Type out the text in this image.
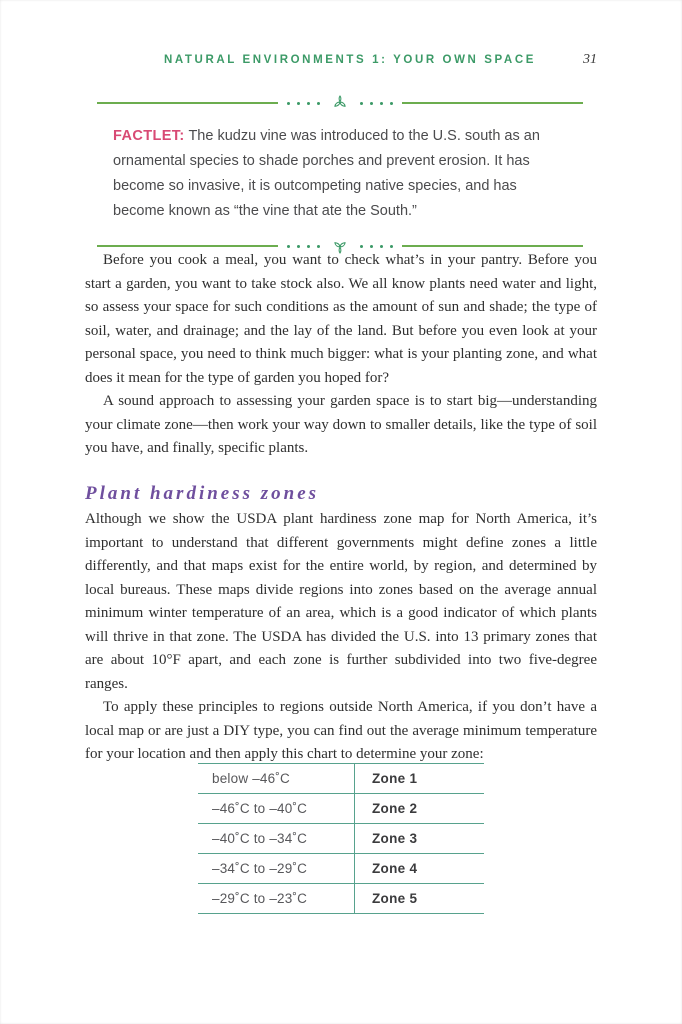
NATURAL ENVIRONMENTS 1: YOUR OWN SPACE	31

FACTLET: The kudzu vine was introduced to the U.S. south as an ornamental species to shade porches and prevent erosion. It has become so invasive, it is outcompeting native species, and has become known as “the vine that ate the South.”

Before you cook a meal, you want to check what’s in your pantry. Before you start a garden, you want to take stock also. We all know plants need water and light, so assess your space for such conditions as the amount of sun and shade; the type of soil, water, and drainage; and the lay of the land. But before you even look at your personal space, you need to think much bigger: what is your planting zone, and what does it mean for the type of garden you hoped for?

A sound approach to assessing your garden space is to start big—understanding your climate zone—then work your way down to smaller details, like the type of soil you have, and finally, specific plants.

Plant hardiness zones

Although we show the USDA plant hardiness zone map for North America, it’s important to understand that different governments might define zones a little differently, and that maps exist for the entire world, by region, and determined by local bureaus. These maps divide regions into zones based on the average annual minimum winter temperature of an area, which is a good indicator of which plants will thrive in that zone. The USDA has divided the U.S. into 13 primary zones that are about 10°F apart, and each zone is further subdivided into two five-degree ranges.

To apply these principles to regions outside North America, if you don’t have a local map or are just a DIY type, you can find out the average minimum temperature for your location and then apply this chart to determine your zone:

below –46˚C	Zone 1
–46˚C to –40˚C	Zone 2
–40˚C to –34˚C	Zone 3
–34˚C to –29˚C	Zone 4
–29˚C to –23˚C	Zone 5
